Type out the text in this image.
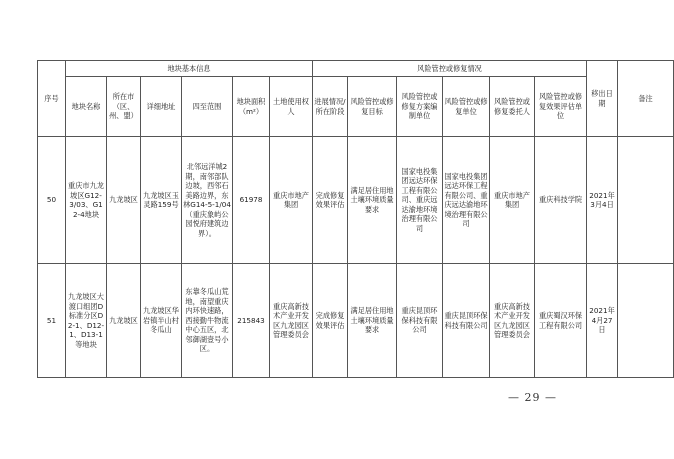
序号	地块基本信息						风险管控或修复情况						移出日期	备注
	地块名称	所在市（区、州、盟）	详细地址	四至范围	地块面积（m²）	土地使用权人	进展情况/所在阶段	风险管控或修复目标	风险管控或修复方案编制单位	风险管控或修复单位	风险管控或修复委托人	风险管控或修复效果评估单位		
50	重庆市九龙坡区G12-3/03、G12-4地块	九龙坡区	九龙坡区玉灵路159号	北邻远洋城2期，南邻部队边坡，西邻石美路边界，东林G14-5-1/04（重庆象屿公园悦府建筑边界）。	61978	重庆市地产集团	完成修复效果评估	满足居住用地土壤环境质量要求	国家电投集团远达环保工程有限公司、重庆远达渝地环境治理有限公司	国家电投集团远达环保工程有限公司、重庆远达渝地环境治理有限公司	重庆市地产集团	重庆科技学院	2021年3月4日	
51	九龙坡区大渡口组团D标准分区D2-1、D12-1、D13-1等地块	九龙坡区	九龙坡区华岩镇半山村冬瓜山	东靠冬瓜山荒地，南望重庆内环快速路，西接勤牛物流中心五区，北邻御湖壹号小区。	215843	重庆高新技术产业开发区九龙园区管理委员会	完成修复效果评估	满足居住用地土壤环境质量要求	重庆昆顶环保科技有限公司	重庆昆顶环保科技有限公司	重庆高新技术产业开发区九龙园区管理委员会	重庆蜀汉环保工程有限公司	2021年4月27日	
— 29 —
